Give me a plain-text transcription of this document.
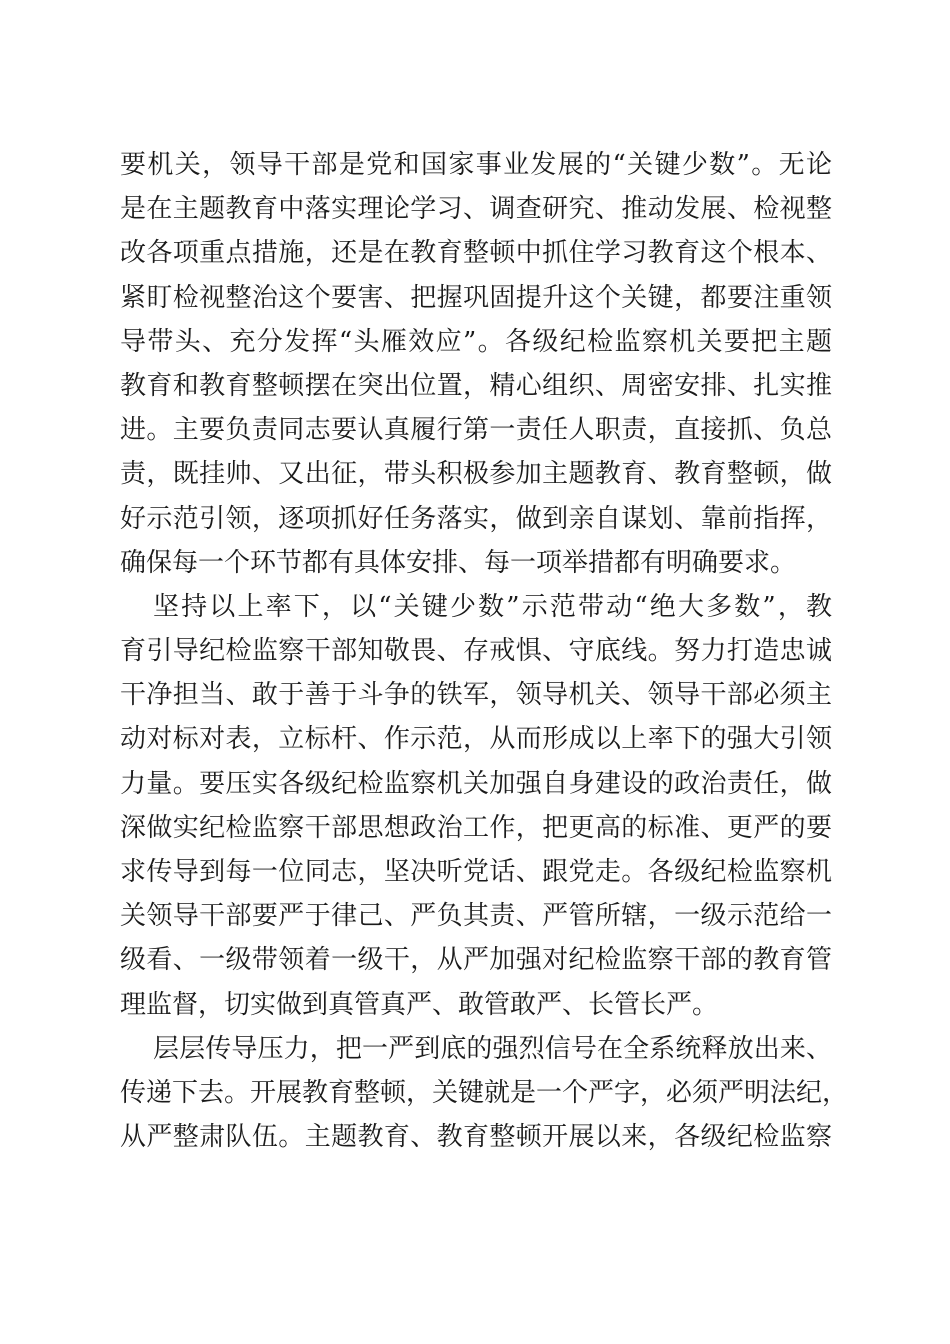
要机关，领导干部是党和国家事业发展的“关键少数”。无论
是在主题教育中落实理论学习、调查研究、推动发展、检视整
改各项重点措施，还是在教育整顿中抓住学习教育这个根本、
紧盯检视整治这个要害、把握巩固提升这个关键，都要注重领
导带头、充分发挥“头雁效应”。各级纪检监察机关要把主题
教育和教育整顿摆在突出位置，精心组织、周密安排、扎实推
进。主要负责同志要认真履行第一责任人职责，直接抓、负总
责，既挂帅、又出征，带头积极参加主题教育、教育整顿，做
好示范引领，逐项抓好任务落实，做到亲自谋划、靠前指挥，
确保每一个环节都有具体安排、每一项举措都有明确要求。
坚持以上率下，以“关键少数”示范带动“绝大多数”，教
育引导纪检监察干部知敬畏、存戒惧、守底线。努力打造忠诚
干净担当、敢于善于斗争的铁军，领导机关、领导干部必须主
动对标对表，立标杆、作示范，从而形成以上率下的强大引领
力量。要压实各级纪检监察机关加强自身建设的政治责任，做
深做实纪检监察干部思想政治工作，把更高的标准、更严的要
求传导到每一位同志，坚决听党话、跟党走。各级纪检监察机
关领导干部要严于律己、严负其责、严管所辖，一级示范给一
级看、一级带领着一级干，从严加强对纪检监察干部的教育管
理监督，切实做到真管真严、敢管敢严、长管长严。
层层传导压力，把一严到底的强烈信号在全系统释放出来、
传递下去。开展教育整顿，关键就是一个严字，必须严明法纪，
从严整肃队伍。主题教育、教育整顿开展以来，各级纪检监察
